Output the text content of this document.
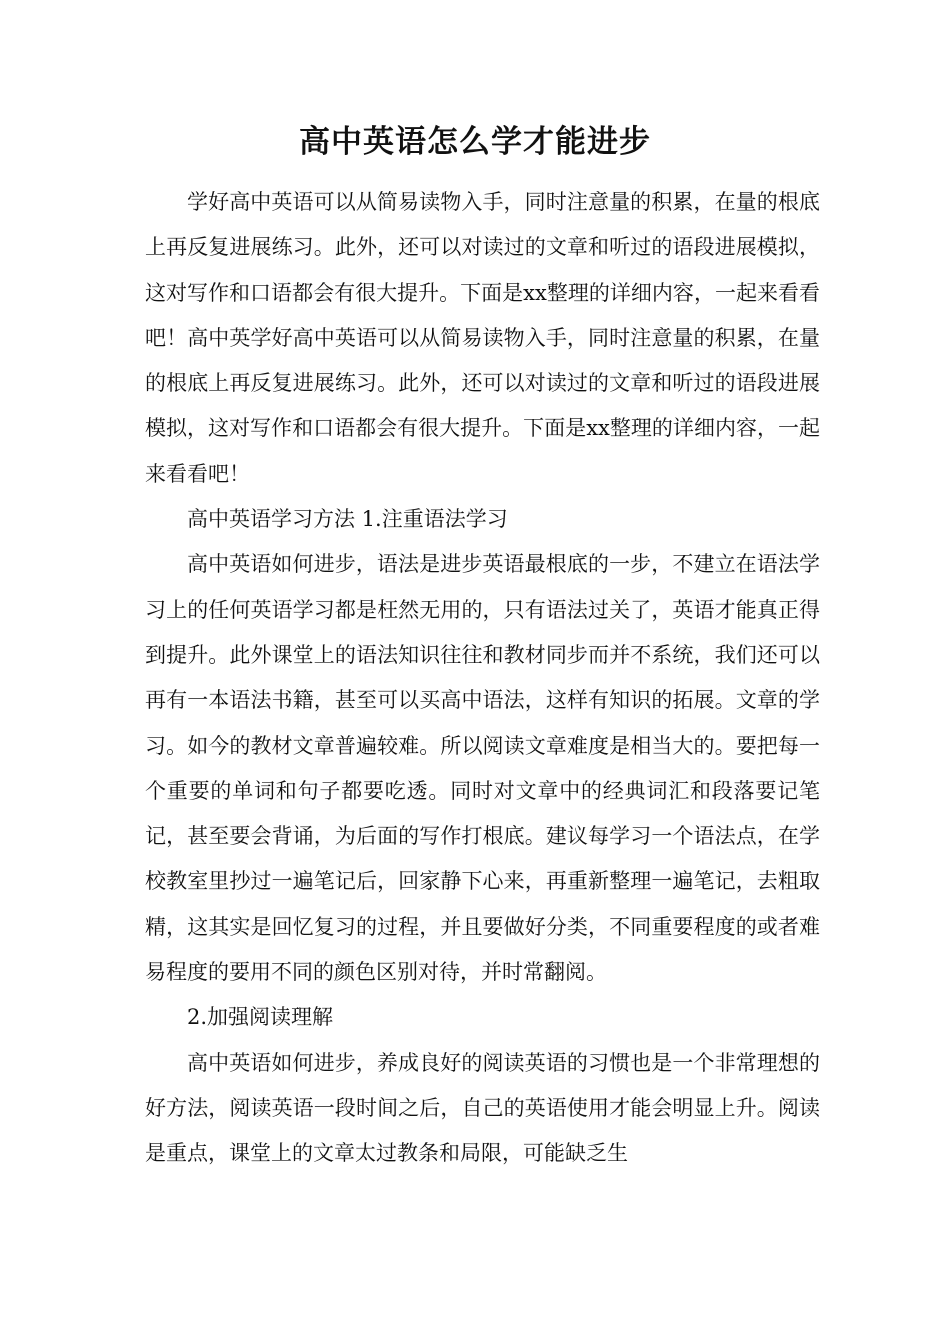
高中英语怎么学才能进步

学好高中英语可以从简易读物入手，同时注意量的积累，在量的根底上再反复进展练习。此外，还可以对读过的文章和听过的语段进展模拟，这对写作和口语都会有很大提升。下面是xx整理的详细内容，一起来看看吧！高中英学好高中英语可以从简易读物入手，同时注意量的积累，在量的根底上再反复进展练习。此外，还可以对读过的文章和听过的语段进展模拟，这对写作和口语都会有很大提升。下面是xx整理的详细内容，一起来看看吧！

高中英语学习方法 1.注重语法学习

高中英语如何进步，语法是进步英语最根底的一步，不建立在语法学习上的任何英语学习都是枉然无用的，只有语法过关了，英语才能真正得到提升。此外课堂上的语法知识往往和教材同步而并不系统，我们还可以再有一本语法书籍，甚至可以买高中语法，这样有知识的拓展。文章的学习。如今的教材文章普遍较难。所以阅读文章难度是相当大的。要把每一个重要的单词和句子都要吃透。同时对文章中的经典词汇和段落要记笔记，甚至要会背诵，为后面的写作打根底。建议每学习一个语法点，在学校教室里抄过一遍笔记后，回家静下心来，再重新整理一遍笔记，去粗取精，这其实是回忆复习的过程，并且要做好分类，不同重要程度的或者难易程度的要用不同的颜色区别对待，并时常翻阅。

2.加强阅读理解

高中英语如何进步，养成良好的阅读英语的习惯也是一个非常理想的好方法，阅读英语一段时间之后，自己的英语使用才能会明显上升。阅读是重点，课堂上的文章太过教条和局限，可能缺乏生
